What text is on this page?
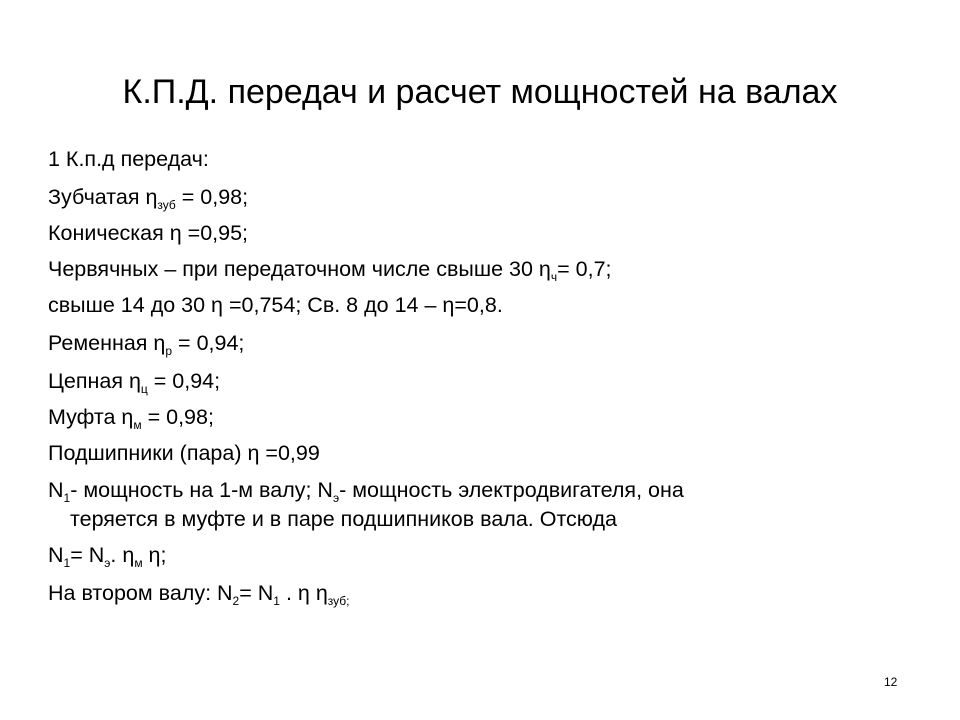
К.П.Д. передач и расчет мощностей на валах
1 К.п.д передач:
Зубчатая $\eta_{зуб} = 0,98$;
Коническая η =0,95;
Червячных – при передаточном числе свыше 30 $\eta_ч= 0,7$;
свыше 14 до 30 η =0,754; Св. 8 до 14 – η=0,8.
Ременная $\eta_р = 0,94$;
Цепная $\eta_ц = 0,94$;
Муфта $\eta_м = 0,98$;
Подшипники (пара) η =0,99
$N_1-$ мощность на 1-м валу; $N_э-$ мощность электродвигателя, она
теряется в муфте и в паре подшипников вала. Отсюда
$N_1= N_э$. $\eta_м$ η;
На втором валу: $N_2= N_1$ . η $\eta_{зуб;}$
12
